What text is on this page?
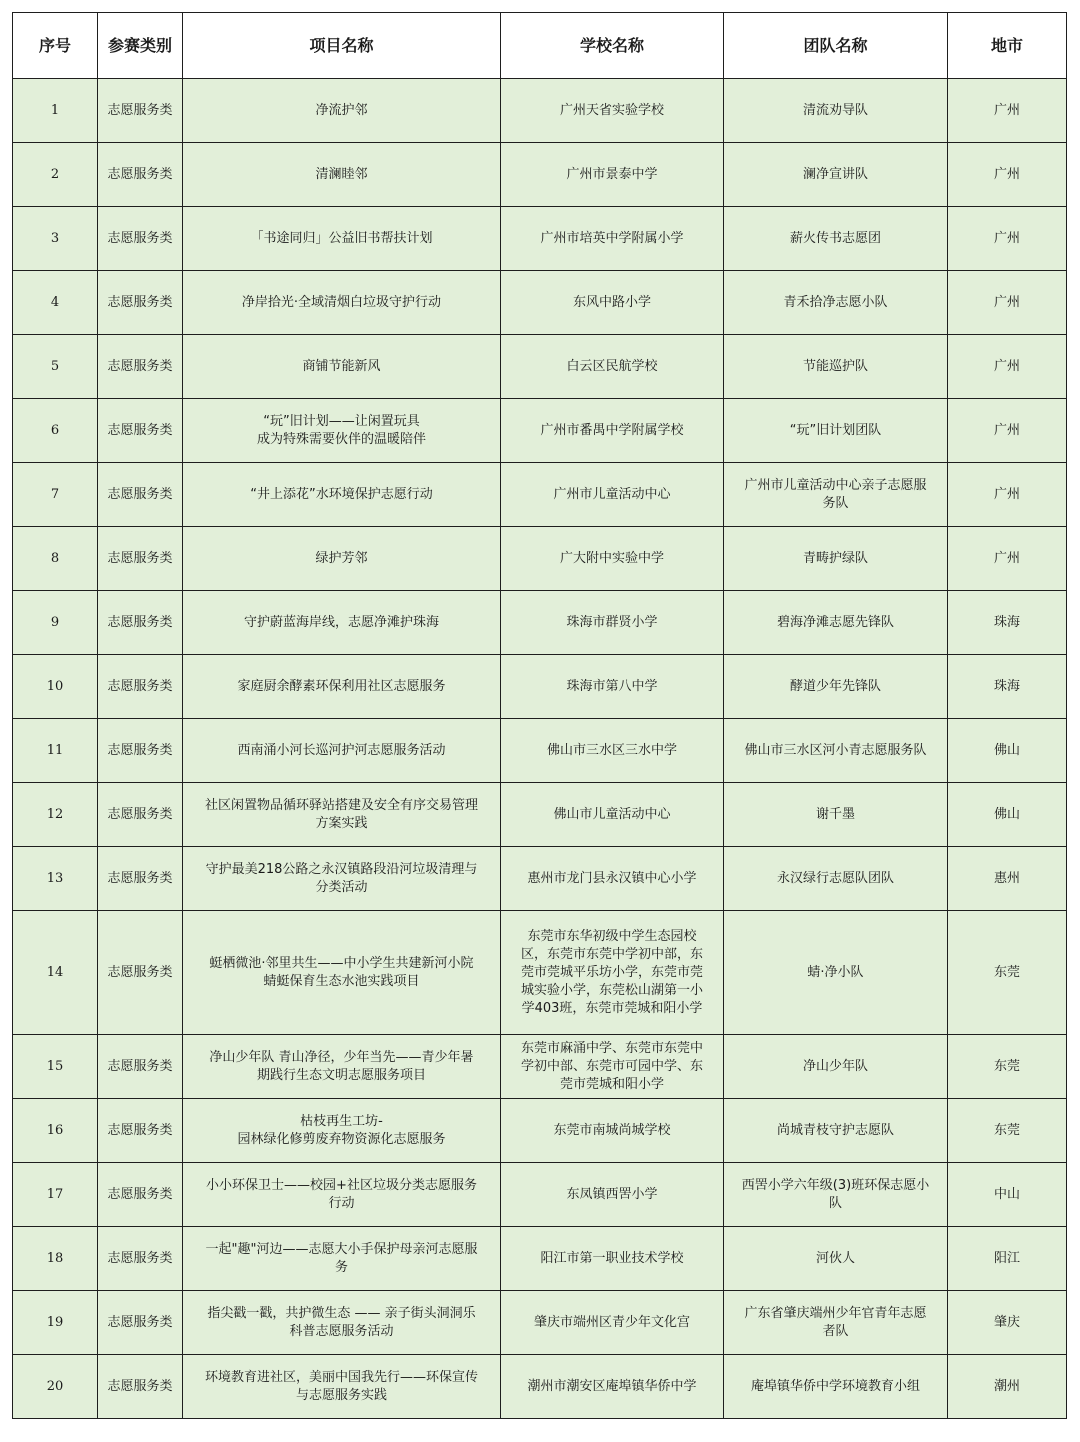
序号	参赛类别	项目名称	学校名称	团队名称	地市
1	志愿服务类	净流护邻	广州天省实验学校	清流劝导队	广州
2	志愿服务类	清澜睦邻	广州市景泰中学	澜净宣讲队	广州
3	志愿服务类	「书途同归」公益旧书帮扶计划	广州市培英中学附属小学	薪火传书志愿团	广州
4	志愿服务类	净岸拾光·全域清烟白垃圾守护行动	东风中路小学	青禾拾净志愿小队	广州
5	志愿服务类	商铺节能新风	白云区民航学校	节能巡护队	广州
6	志愿服务类	“玩”旧计划——让闲置玩具
成为特殊需要伙伴的温暖陪伴	广州市番禺中学附属学校	“玩”旧计划团队	广州
7	志愿服务类	“井上添花”水环境保护志愿行动	广州市儿童活动中心	广州市儿童活动中心亲子志愿服
务队	广州
8	志愿服务类	绿护芳邻	广大附中实验中学	青畴护绿队	广州
9	志愿服务类	守护蔚蓝海岸线，志愿净滩护珠海	珠海市群贤小学	碧海净滩志愿先锋队	珠海
10	志愿服务类	家庭厨余酵素环保利用社区志愿服务	珠海市第八中学	酵道少年先锋队	珠海
11	志愿服务类	西南涌小河长巡河护河志愿服务活动	佛山市三水区三水中学	佛山市三水区河小青志愿服务队	佛山
12	志愿服务类	社区闲置物品循环驿站搭建及安全有序交易管理
方案实践	佛山市儿童活动中心	谢千墨	佛山
13	志愿服务类	守护最美218公路之永汉镇路段沿河垃圾清理与
分类活动	惠州市龙门县永汉镇中心小学	永汉绿行志愿队团队	惠州
14	志愿服务类	蜓栖微池·邻里共生——中小学生共建新河小院
蜻蜓保育生态水池实践项目	东莞市东华初级中学生态园校
区，东莞市东莞中学初中部，东
莞市莞城平乐坊小学，东莞市莞
城实验小学，东莞松山湖第一小
学403班，东莞市莞城和阳小学	蜻·净小队	东莞
15	志愿服务类	净山少年队 青山净径，少年当先——青少年暑
期践行生态文明志愿服务项目	东莞市麻涌中学、东莞市东莞中
学初中部、东莞市可园中学、东
莞市莞城和阳小学	净山少年队	东莞
16	志愿服务类	枯枝再生工坊-
园林绿化修剪废弃物资源化志愿服务	东莞市南城尚城学校	尚城青枝守护志愿队	东莞
17	志愿服务类	小小环保卫士——校园+社区垃圾分类志愿服务
行动	东凤镇西罟小学	西罟小学六年级(3)班环保志愿小
队	中山
18	志愿服务类	一起"趣"河边——志愿大小手保护母亲河志愿服
务	阳江市第一职业技术学校	河伙人	阳江
19	志愿服务类	指尖戳一戳，共护微生态 —— 亲子街头洞洞乐
科普志愿服务活动	肇庆市端州区青少年文化宫	广东省肇庆端州少年官青年志愿
者队	肇庆
20	志愿服务类	环境教育进社区，美丽中国我先行——环保宣传
与志愿服务实践	潮州市潮安区庵埠镇华侨中学	庵埠镇华侨中学环境教育小组	潮州
